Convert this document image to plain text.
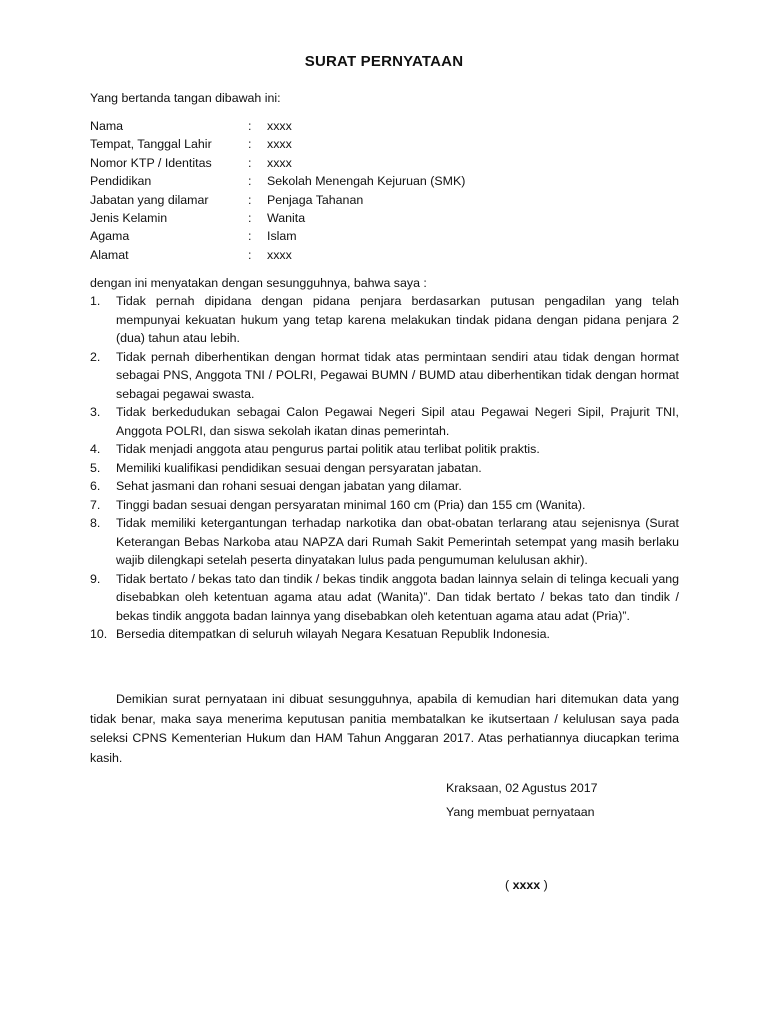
SURAT PERNYATAAN
Yang bertanda tangan dibawah ini:
Nama	:	xxxx
Tempat, Tanggal Lahir	:	xxxx
Nomor KTP / Identitas	:	xxxx
Pendidikan	:	Sekolah Menengah Kejuruan (SMK)
Jabatan yang dilamar	:	Penjaga Tahanan
Jenis Kelamin	:	Wanita
Agama	:	Islam
Alamat	:	xxxx
dengan ini menyatakan dengan sesungguhnya, bahwa saya :
1.	Tidak pernah dipidana dengan pidana penjara berdasarkan putusan pengadilan yang telah mempunyai kekuatan hukum yang tetap karena melakukan tindak pidana dengan pidana penjara 2 (dua) tahun atau lebih.
2.	Tidak pernah diberhentikan dengan hormat tidak atas permintaan sendiri atau tidak dengan hormat sebagai PNS, Anggota TNI / POLRI, Pegawai BUMN / BUMD atau diberhentikan tidak dengan hormat sebagai pegawai swasta.
3.	Tidak berkedudukan sebagai Calon Pegawai Negeri Sipil atau Pegawai Negeri Sipil, Prajurit TNI, Anggota POLRI, dan siswa sekolah ikatan dinas pemerintah.
4.	Tidak menjadi anggota atau pengurus partai politik atau terlibat politik praktis.
5.	Memiliki kualifikasi pendidikan sesuai dengan persyaratan jabatan.
6.	Sehat jasmani dan rohani sesuai dengan jabatan yang dilamar.
7.	Tinggi badan sesuai dengan persyaratan minimal 160 cm (Pria) dan 155 cm (Wanita).
8.	Tidak memiliki ketergantungan terhadap narkotika dan obat-obatan terlarang atau sejenisnya (Surat Keterangan Bebas Narkoba atau NAPZA dari Rumah Sakit Pemerintah setempat yang masih berlaku wajib dilengkapi setelah peserta dinyatakan lulus pada pengumuman kelulusan akhir).
9.	Tidak bertato / bekas tato dan tindik / bekas tindik anggota badan lainnya selain di telinga kecuali yang disebabkan oleh ketentuan agama atau adat (Wanita)”. Dan tidak bertato / bekas tato dan tindik / bekas tindik anggota badan lainnya yang disebabkan oleh ketentuan agama atau adat (Pria)”.
10. Bersedia ditempatkan di seluruh wilayah Negara Kesatuan Republik Indonesia.
Demikian surat pernyataan ini dibuat sesungguhnya, apabila di kemudian hari ditemukan data yang tidak benar, maka saya menerima keputusan panitia membatalkan ke ikutsertaan / kelulusan saya pada seleksi CPNS Kementerian Hukum dan HAM Tahun Anggaran 2017. Atas perhatiannya diucapkan terima kasih.
Kraksaan, 02 Agustus 2017
Yang membuat pernyataan
( xxxx )
